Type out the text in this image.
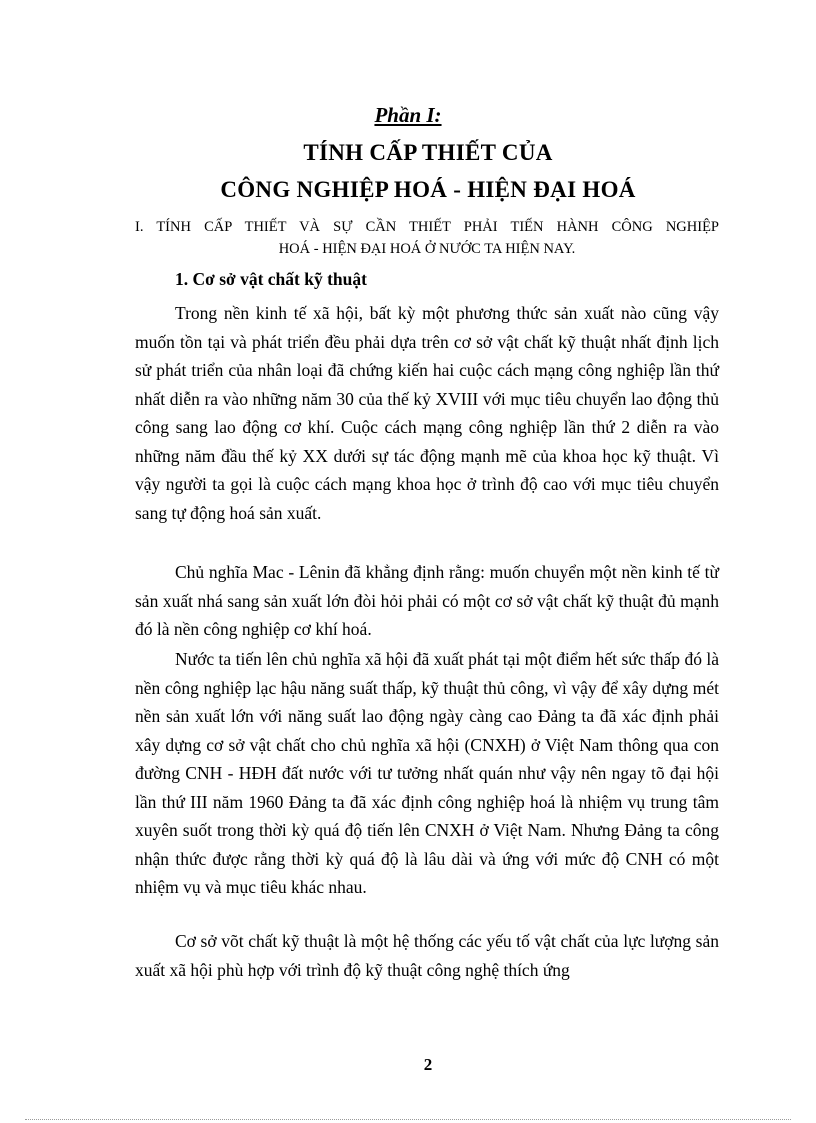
Phần I:
TÍNH CẤP THIẾT CỦA
CÔNG NGHIỆP HOÁ - HIỆN ĐẠI HOÁ
I. TÍNH CẤP THIẾT VÀ SỰ CẦN THIẾT PHẢI TIẾN HÀNH CÔNG NGHIỆP
HOÁ - HIỆN ĐẠI HOÁ Ở NƯỚC TA HIỆN NAY.
1. Cơ sở vật chất kỹ thuật

Trong nền kinh tế xã hội, bất kỳ một phương thức sản xuất nào cũng vậy muốn tồn tại và phát triển đều phải dựa trên cơ sở vật chất kỹ thuật nhất định lịch sử phát triển của nhân loại đã chứng kiến hai cuộc cách mạng công nghiệp lần thứ nhất diễn ra vào những năm 30 của thế kỷ XVIII với mục tiêu chuyển lao động thủ công sang lao động cơ khí. Cuộc cách mạng công nghiệp lần thứ 2 diễn ra vào những năm đầu thế kỷ XX dưới sự tác động mạnh mẽ của khoa học kỹ thuật. Vì vậy người ta gọi là cuộc cách mạng khoa học ở trình độ cao với mục tiêu chuyển sang tự động hoá sản xuất.

Chủ nghĩa Mac - Lênin đã khẳng định rằng: muốn chuyển một nền kinh tế từ sản xuất nhá sang sản xuất lớn đòi hỏi phải có một cơ sở vật chất kỹ thuật đủ mạnh đó là nền công nghiệp cơ khí hoá.

Nước ta tiến lên chủ nghĩa xã hội đã xuất phát tại một điểm hết sức thấp đó là nền công nghiệp lạc hậu năng suất thấp, kỹ thuật thủ công, vì vậy để xây dựng mét nền sản xuất lớn với năng suất lao động ngày càng cao Đảng ta đã xác định phải xây dựng cơ sở vật chất cho chủ nghĩa xã hội (CNXH) ở Việt Nam thông qua con đường CNH - HĐH đất nước với tư tưởng nhất quán như vậy nên ngay tõ đại hội lần thứ III năm 1960 Đảng ta đã xác định công nghiệp hoá là nhiệm vụ trung tâm xuyên suốt trong thời kỳ quá độ tiến lên CNXH ở Việt Nam. Nhưng Đảng ta công nhận thức được rằng thời kỳ quá độ là lâu dài và ứng với mức độ CNH có một nhiệm vụ và mục tiêu khác nhau.

Cơ sở võt chất kỹ thuật là một hệ thống các yếu tố vật chất của lực lượng sản xuất xã hội phù hợp với trình độ kỹ thuật công nghệ thích ứng

2
